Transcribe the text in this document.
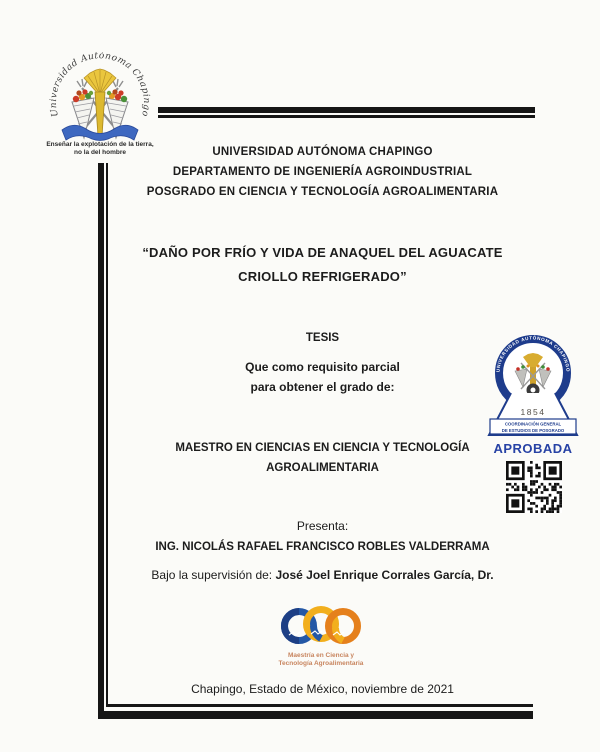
Universidad Autónoma Chapingo
Enseñar la explotación de la tierra,
no la del hombre	UNIVERSIDAD AUTÓNOMA CHAPINGO
DEPARTAMENTO DE INGENIERÍA AGROINDUSTRIAL
POSGRADO EN CIENCIA Y TECNOLOGÍA AGROALIMENTARIA
“DAÑO POR FRÍO Y VIDA DE ANAQUEL DEL AGUACATE
CRIOLLO REFRIGERADO”
TESIS
Que como requisito parcial
para obtener el grado de:
MAESTRO EN CIENCIAS EN CIENCIA Y TECNOLOGÍA
AGROALIMENTARIA
Presenta:
ING. NICOLÁS RAFAEL FRANCISCO ROBLES VALDERRAMA
Bajo la supervisión de: José Joel Enrique Corrales García, Dr.
Chapingo, Estado de México, noviembre de 2021
UNIVERSIDAD AUTÓNOMA CHAPINGO
1854
COORDINACIÓN GENERAL
DE ESTUDIOS DE POSGRADO
APROBADA
Maestría en Ciencia y
Tecnología Agroalimentaria
